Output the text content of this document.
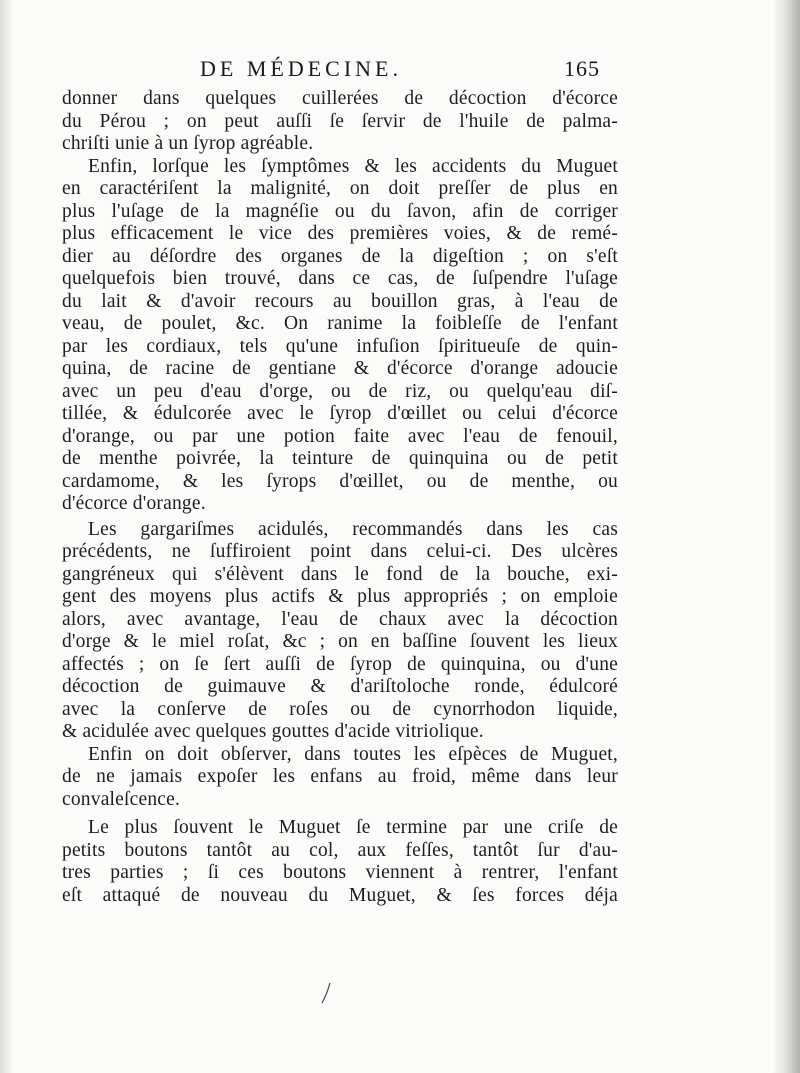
DE MÉDECINE.	165
donner dans quelques cuillerées de décoction d'écorce
du Pérou ; on peut auſſi ſe ſervir de l'huile de palma-
chriſti unie à un ſyrop agréable.
Enfin, lorſque les ſymptômes & les accidents du Muguet
en caractériſent la malignité, on doit preſſer de plus en
plus l'uſage de la magnéſie ou du ſavon, afin de corriger
plus efficacement le vice des premières voies, & de remé-
dier au déſordre des organes de la digeſtion ; on s'eſt
quelquefois bien trouvé, dans ce cas, de ſuſpendre l'uſage
du lait & d'avoir recours au bouillon gras, à l'eau de
veau, de poulet, &c. On ranime la foibleſſe de l'enfant
par les cordiaux, tels qu'une infuſion ſpiritueuſe de quin-
quina, de racine de gentiane & d'écorce d'orange adoucie
avec un peu d'eau d'orge, ou de riz, ou quelqu'eau diſ-
tillée, & édulcorée avec le ſyrop d'œillet ou celui d'écorce
d'orange, ou par une potion faite avec l'eau de fenouil,
de menthe poivrée, la teinture de quinquina ou de petit
cardamome, & les ſyrops d'œillet, ou de menthe, ou
d'écorce d'orange.
Les gargariſmes acidulés, recommandés dans les cas
précédents, ne ſuffiroient point dans celui-ci. Des ulcères
gangréneux qui s'élèvent dans le fond de la bouche, exi-
gent des moyens plus actifs & plus appropriés ; on emploie
alors, avec avantage, l'eau de chaux avec la décoction
d'orge & le miel roſat, &c ; on en baſſine ſouvent les lieux
affectés ; on ſe ſert auſſi de ſyrop de quinquina, ou d'une
décoction de guimauve & d'ariſtoloche ronde, édulcoré
avec la conſerve de roſes ou de cynorrhodon liquide,
& acidulée avec quelques gouttes d'acide vitriolique.
Enfin on doit obſerver, dans toutes les eſpèces de Muguet,
de ne jamais expoſer les enfans au froid, même dans leur
convaleſcence.
Le plus ſouvent le Muguet ſe termine par une criſe de
petits boutons tantôt au col, aux feſſes, tantôt ſur d'au-
tres parties ; ſi ces boutons viennent à rentrer, l'enfant
eſt attaqué de nouveau du Muguet, & ſes forces déja
